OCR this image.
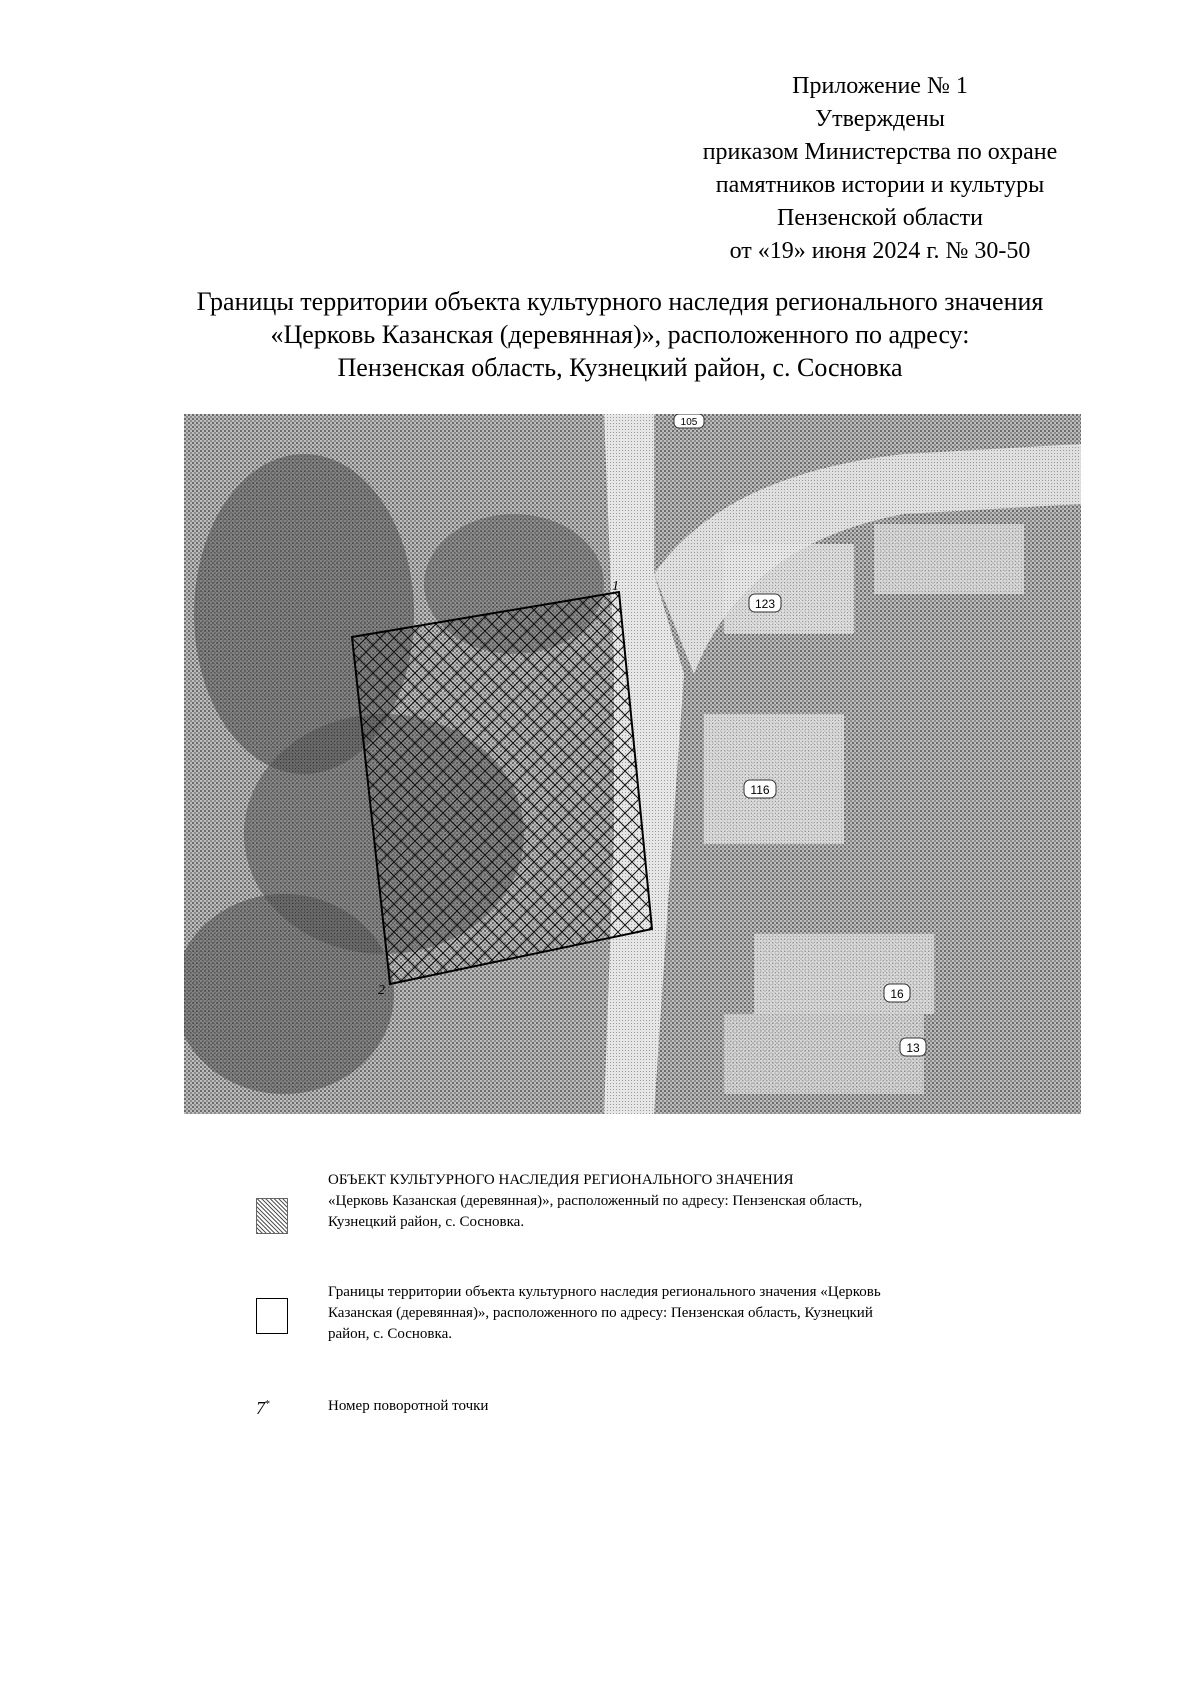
Приложение № 1
Утверждены
приказом Министерства по охране
памятников истории и культуры
Пензенской области
от «19» июня 2024 г. № 30-50
Границы территории объекта культурного наследия регионального значения
«Церковь Казанская (деревянная)», расположенного по адресу:
Пензенская область, Кузнецкий район, с. Сосновка
1
2
123
116
16
13
105
ОБЪЕКТ КУЛЬТУРНОГО НАСЛЕДИЯ РЕГИОНАЛЬНОГО ЗНАЧЕНИЯ
«Церковь Казанская (деревянная)», расположенный по адресу: Пензенская область,
Кузнецкий район, с. Сосновка.
Границы территории объекта культурного наследия регионального значения «Церковь
Казанская (деревянная)», расположенного по адресу: Пензенская область, Кузнецкий
район, с. Сосновка.
7*	Номер поворотной точки
